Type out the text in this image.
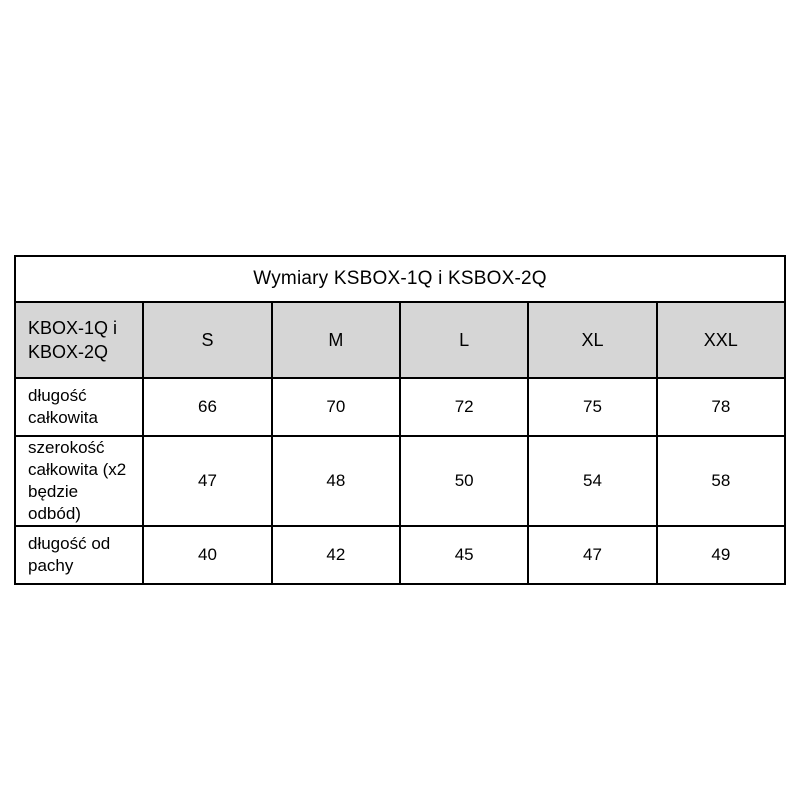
Wymiary KSBOX-1Q i KSBOX-2Q					
KBOX-1Q i KBOX-2Q	S	M	L	XL	XXL
długość całkowita	66	70	72	75	78
szerokość całkowita (x2 będzie odbód)	47	48	50	54	58
długość od pachy	40	42	45	47	49
